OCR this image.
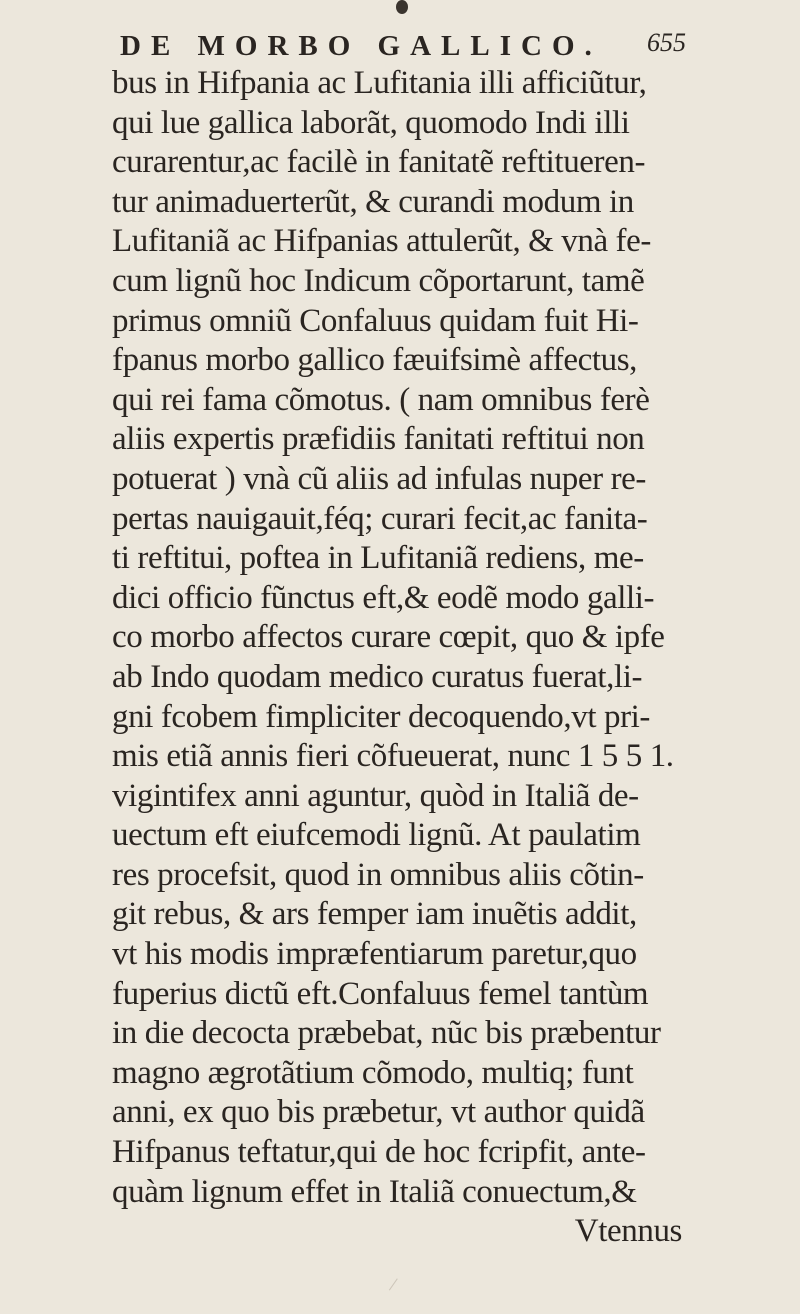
DE MORBO GALLICO. 655
bus in Hifpania ac Lufitania illi afficiũtur,
qui lue gallica laborãt, quomodo Indi illi
curarentur,ac facilè in fanitatẽ reftitueren-
tur animaduerterũt, & curandi modum in
Lufitaniã ac Hifpanias attulerũt, & vnà fe-
cum lignũ hoc Indicum cõportarunt, tamẽ
primus omniũ Confaluus quidam fuit Hi-
fpanus morbo gallico fæuifsimè affectus,
qui rei fama cõmotus. ( nam omnibus ferè
aliis expertis præfidiis fanitati reftitui non
potuerat ) vnà cũ aliis ad infulas nuper re-
pertas nauigauit,féq; curari fecit,ac fanita-
ti reftitui, poftea in Lufitaniã rediens, me-
dici officio fũnctus eft,& eodẽ modo galli-
co morbo affectos curare cœpit, quo & ipfe
ab Indo quodam medico curatus fuerat,li-
gni fcobem fimpliciter decoquendo,vt pri-
mis etiã annis fieri cõfueuerat, nunc 1 5 5 1.
vigintifex anni aguntur, quòd in Italiã de-
uectum eft eiufcemodi lignũ. At paulatim
res procefsit, quod in omnibus aliis cõtin-
git rebus, & ars femper iam inuẽtis addit,
vt his modis impræfentiarum paretur,quo
fuperius dictũ eft.Confaluus femel tantùm
in die decocta præbebat, nũc bis præbentur
magno ægrotãtium cõmodo, multiq; funt
anni, ex quo bis præbetur, vt author quidã
Hifpanus teftatur,qui de hoc fcripfit, ante-
quàm lignum effet in Italiã conuectum,&
Vtennus
